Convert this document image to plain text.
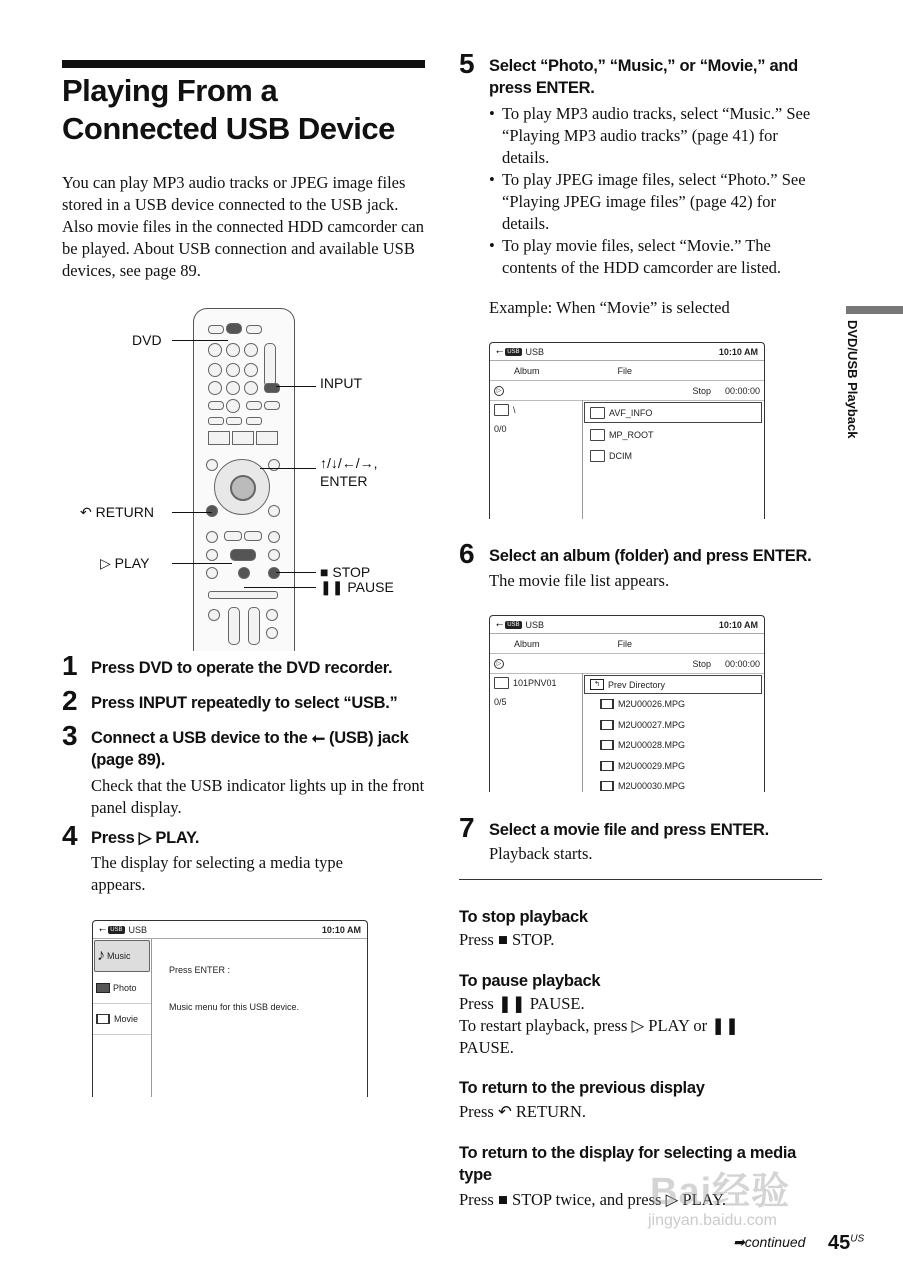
Playing From a Connected USB Device
You can play MP3 audio tracks or JPEG image files stored in a USB device connected to the USB jack. Also movie files in the connected HDD camcorder can be played. About USB connection and available USB devices, see page 89.
DVD
INPUT
↑/↓/←/→,
ENTER
↶ RETURN
▷ PLAY
■ STOP
❚❚ PAUSE
1 Press DVD to operate the DVD recorder.
2 Press INPUT repeatedly to select “USB.”
3 Connect a USB device to the ⭠ (USB) jack (page 89).
Check that the USB indicator lights up in the front panel display.
4 Press ▷ PLAY.
The display for selecting a media type appears.
⭠ USB USB	10:10 AM
♪ Music
Photo
Movie
Press ENTER :
Music menu for this USB device.
5 Select “Photo,” “Music,” or “Movie,” and press ENTER.
• To play MP3 audio tracks, select “Music.” See “Playing MP3 audio tracks” (page 41) for details.
• To play JPEG image files, select “Photo.” See “Playing JPEG image files” (page 42) for details.
• To play movie files, select “Movie.” The contents of the HDD camcorder are listed.
Example: When “Movie” is selected
⭠ USB USB	10:10 AM
Album	File
▷	Stop 00:00:00
\
0/0
AVF_INFO
MP_ROOT
DCIM
6 Select an album (folder) and press ENTER.
The movie file list appears.
⭠ USB USB	10:10 AM
Album	File
▷	Stop 00:00:00
101PNV01
0/5
↰ Prev Directory
M2U00026.MPG
M2U00027.MPG
M2U00028.MPG
M2U00029.MPG
M2U00030.MPG
7 Select a movie file and press ENTER.
Playback starts.
To stop playback
Press ■ STOP.
To pause playback
Press ❚❚ PAUSE.
To restart playback, press ▷ PLAY or ❚❚ PAUSE.
To return to the previous display
Press ↶ RETURN.
To return to the display for selecting a media type
Press ■ STOP twice, and press ▷ PLAY.
DVD/USB Playback
Bai经验
jingyan.baidu.com
➡continued $45^{US}$
